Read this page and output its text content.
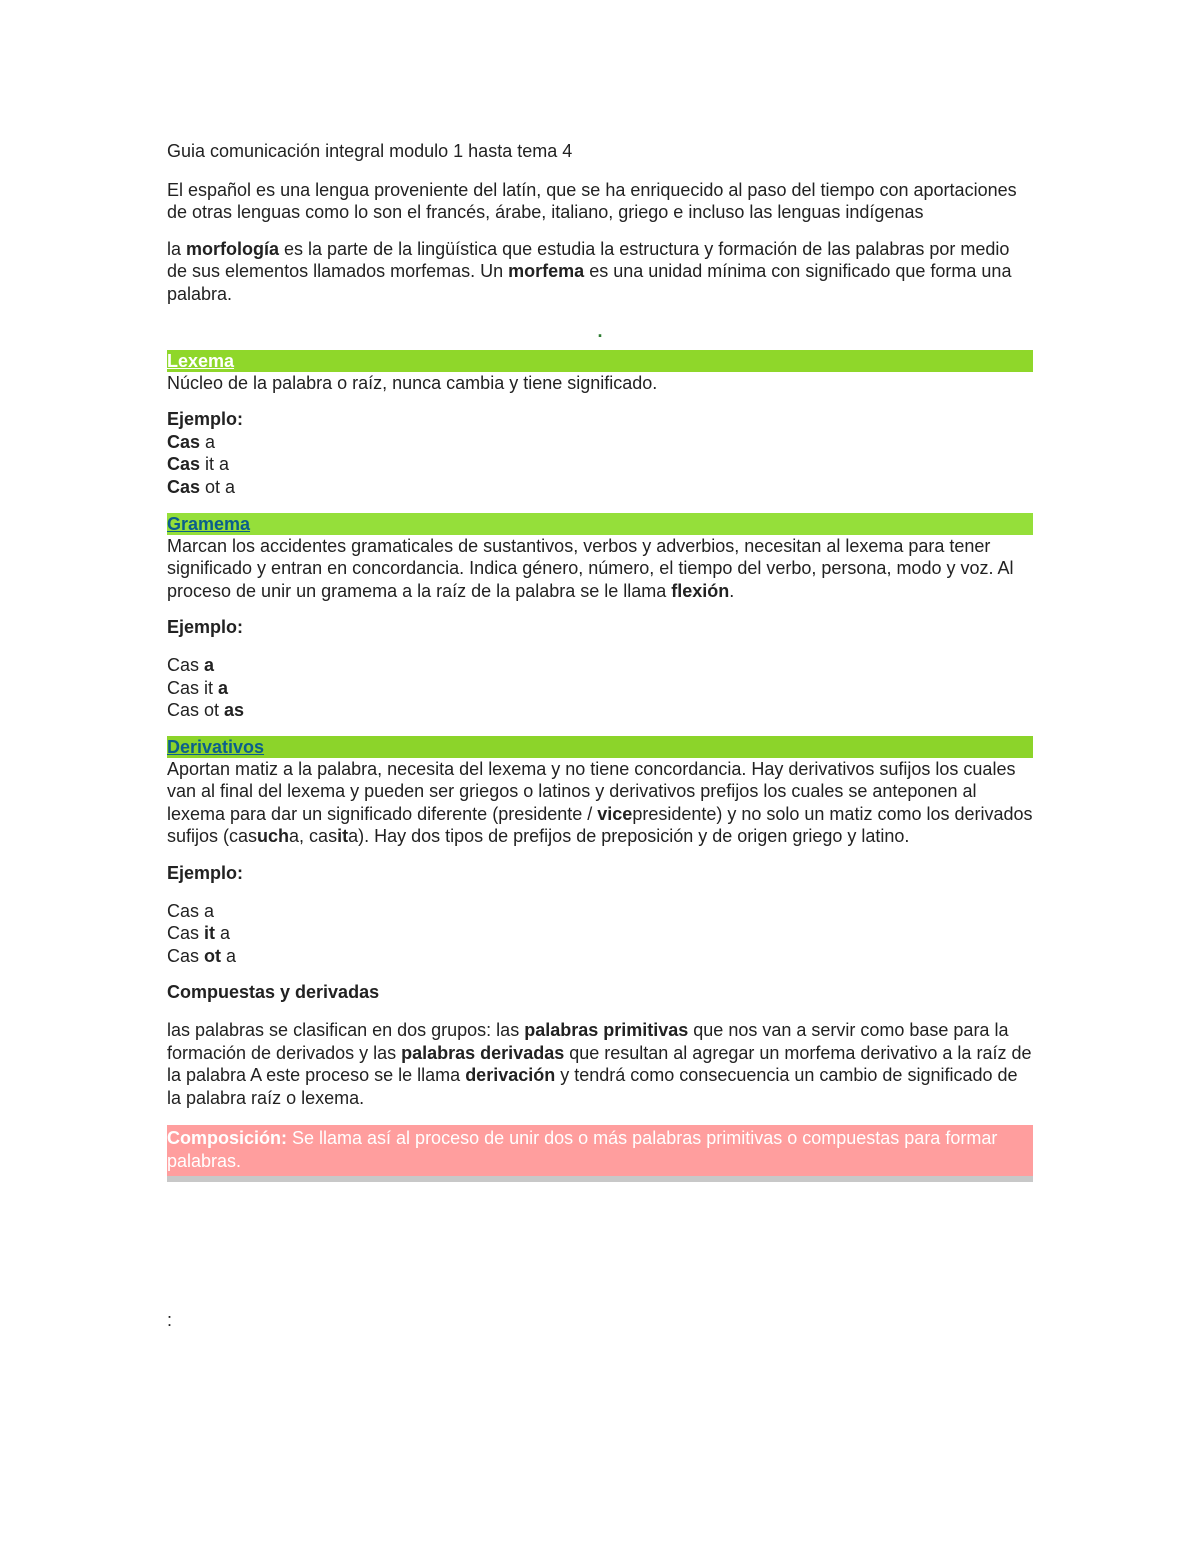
Guia comunicación integral modulo 1 hasta tema 4

El español es una lengua proveniente del latín, que se ha enriquecido al paso del tiempo con aportaciones de otras lenguas como lo son el francés, árabe, italiano, griego e incluso las lenguas indígenas

la morfología es la parte de la lingüística que estudia la estructura y formación de las palabras por medio de sus elementos llamados morfemas. Un morfema es una unidad mínima con significado que forma una palabra.

.
Lexema

Núcleo de la palabra o raíz, nunca cambia y tiene significado.

Ejemplo:

Cas a

Cas it a

Cas ot a

Gramema

Marcan los accidentes gramaticales de sustantivos, verbos y adverbios, necesitan al lexema para tener significado y entran en concordancia. Indica género, número, el tiempo del verbo, persona, modo y voz. Al proceso de unir un gramema a la raíz de la palabra se le llama flexión.

Ejemplo:

Cas a

Cas it a

Cas ot as

Derivativos

Aportan matiz a la palabra, necesita del lexema y no tiene concordancia. Hay derivativos sufijos los cuales van al final del lexema y pueden ser griegos o latinos y derivativos prefijos los cuales se anteponen al lexema para dar un significado diferente (presidente / vicepresidente) y no solo un matiz como los derivados sufijos (casucha, casita). Hay dos tipos de prefijos de preposición y de origen griego y latino.

Ejemplo:

Cas a

Cas it a

Cas ot a

Compuestas y derivadas

las palabras se clasifican en dos grupos: las palabras primitivas que nos van a servir como base para la formación de derivados y las palabras derivadas que resultan al agregar un morfema derivativo a la raíz de la palabra A este proceso se le llama derivación y tendrá como consecuencia un cambio de significado de la palabra raíz o lexema.

Composición: Se llama así al proceso de unir dos o más palabras primitivas o compuestas para formar palabras.

:
